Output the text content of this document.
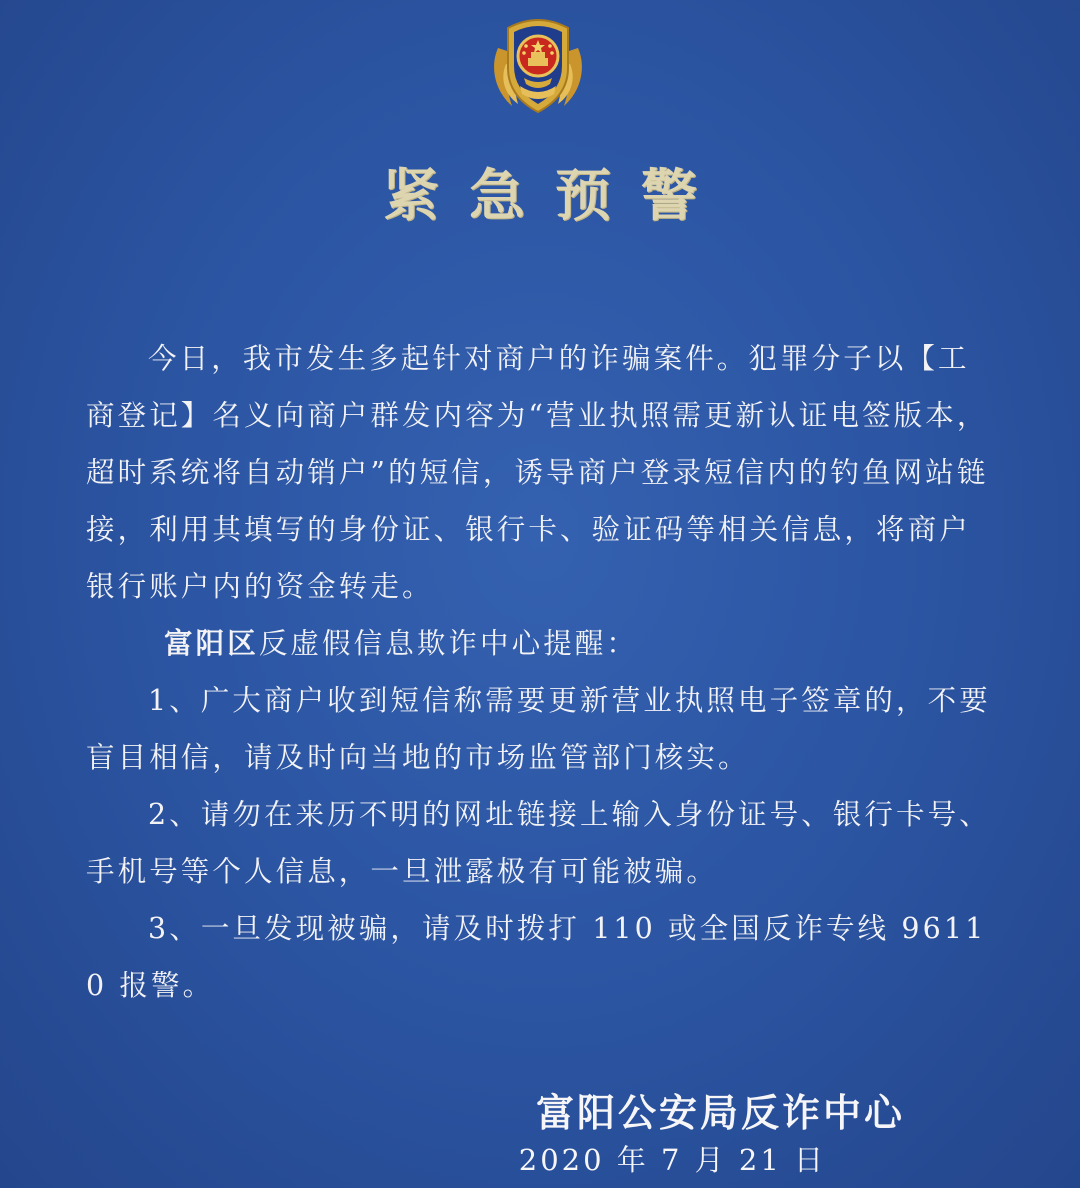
紧急预警

今日，我市发生多起针对商户的诈骗案件。犯罪分子以【工商登记】名义向商户群发内容为“营业执照需更新认证电签版本，超时系统将自动销户”的短信，诱导商户登录短信内的钓鱼网站链接，利用其填写的身份证、银行卡、验证码等相关信息，将商户银行账户内的资金转走。

富阳区反虚假信息欺诈中心提醒：

1、广大商户收到短信称需要更新营业执照电子签章的，不要盲目相信，请及时向当地的市场监管部门核实。

2、请勿在来历不明的网址链接上输入身份证号、银行卡号、手机号等个人信息，一旦泄露极有可能被骗。

3、一旦发现被骗，请及时拨打 110 或全国反诈专线 96110 报警。

富阳公安局反诈中心
2020 年 7 月 21 日
